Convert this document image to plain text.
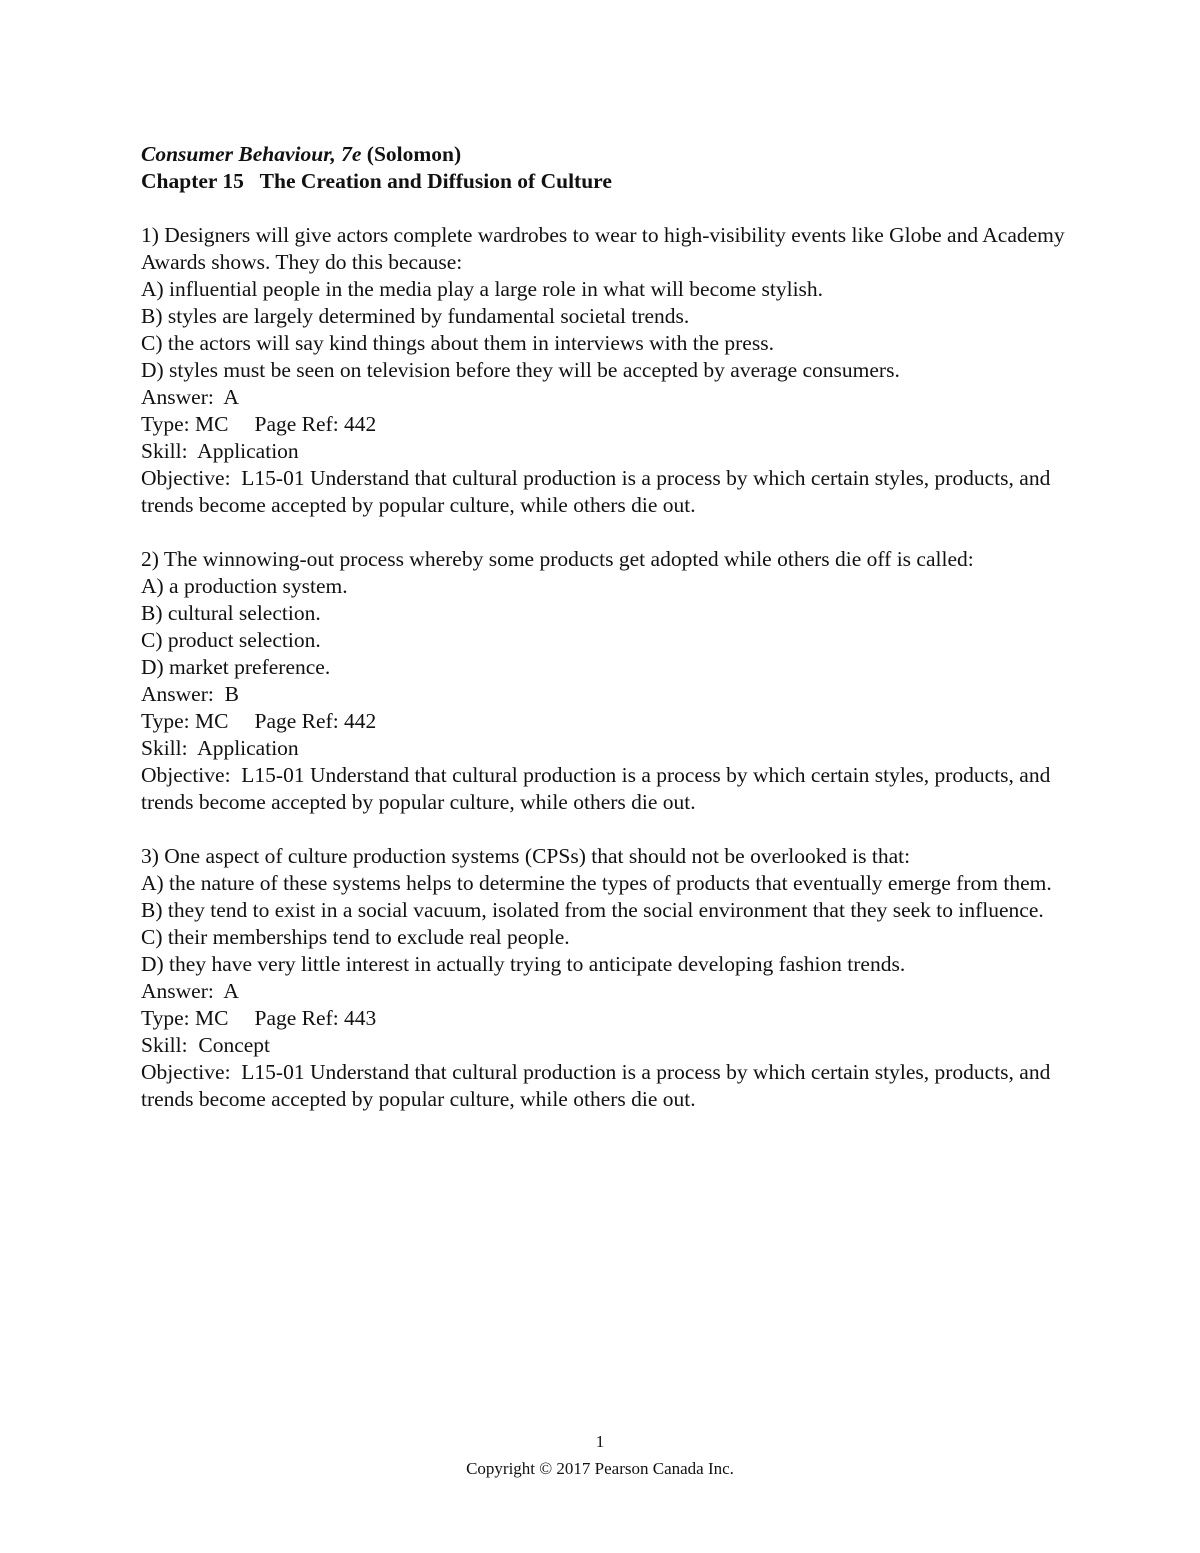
Consumer Behaviour, 7e (Solomon)

Chapter 15   The Creation and Diffusion of Culture

1) Designers will give actors complete wardrobes to wear to high-visibility events like Globe and Academy Awards shows. They do this because:

A) influential people in the media play a large role in what will become stylish.

B) styles are largely determined by fundamental societal trends.

C) the actors will say kind things about them in interviews with the press.

D) styles must be seen on television before they will be accepted by average consumers.

Answer:  A

Type: MC Page Ref: 442

Skill:  Application

Objective:  L15-01 Understand that cultural production is a process by which certain styles, products, and trends become accepted by popular culture, while others die out.

2) The winnowing-out process whereby some products get adopted while others die off is called:

A) a production system.

B) cultural selection.

C) product selection.

D) market preference.

Answer:  B

Type: MC Page Ref: 442

Skill:  Application

Objective:  L15-01 Understand that cultural production is a process by which certain styles, products, and trends become accepted by popular culture, while others die out.

3) One aspect of culture production systems (CPSs) that should not be overlooked is that:

A) the nature of these systems helps to determine the types of products that eventually emerge from them.

B) they tend to exist in a social vacuum, isolated from the social environment that they seek to influence.

C) their memberships tend to exclude real people.

D) they have very little interest in actually trying to anticipate developing fashion trends.

Answer:  A

Type: MC Page Ref: 443

Skill:  Concept

Objective:  L15-01 Understand that cultural production is a process by which certain styles, products, and trends become accepted by popular culture, while others die out.

1
Copyright © 2017 Pearson Canada Inc.
